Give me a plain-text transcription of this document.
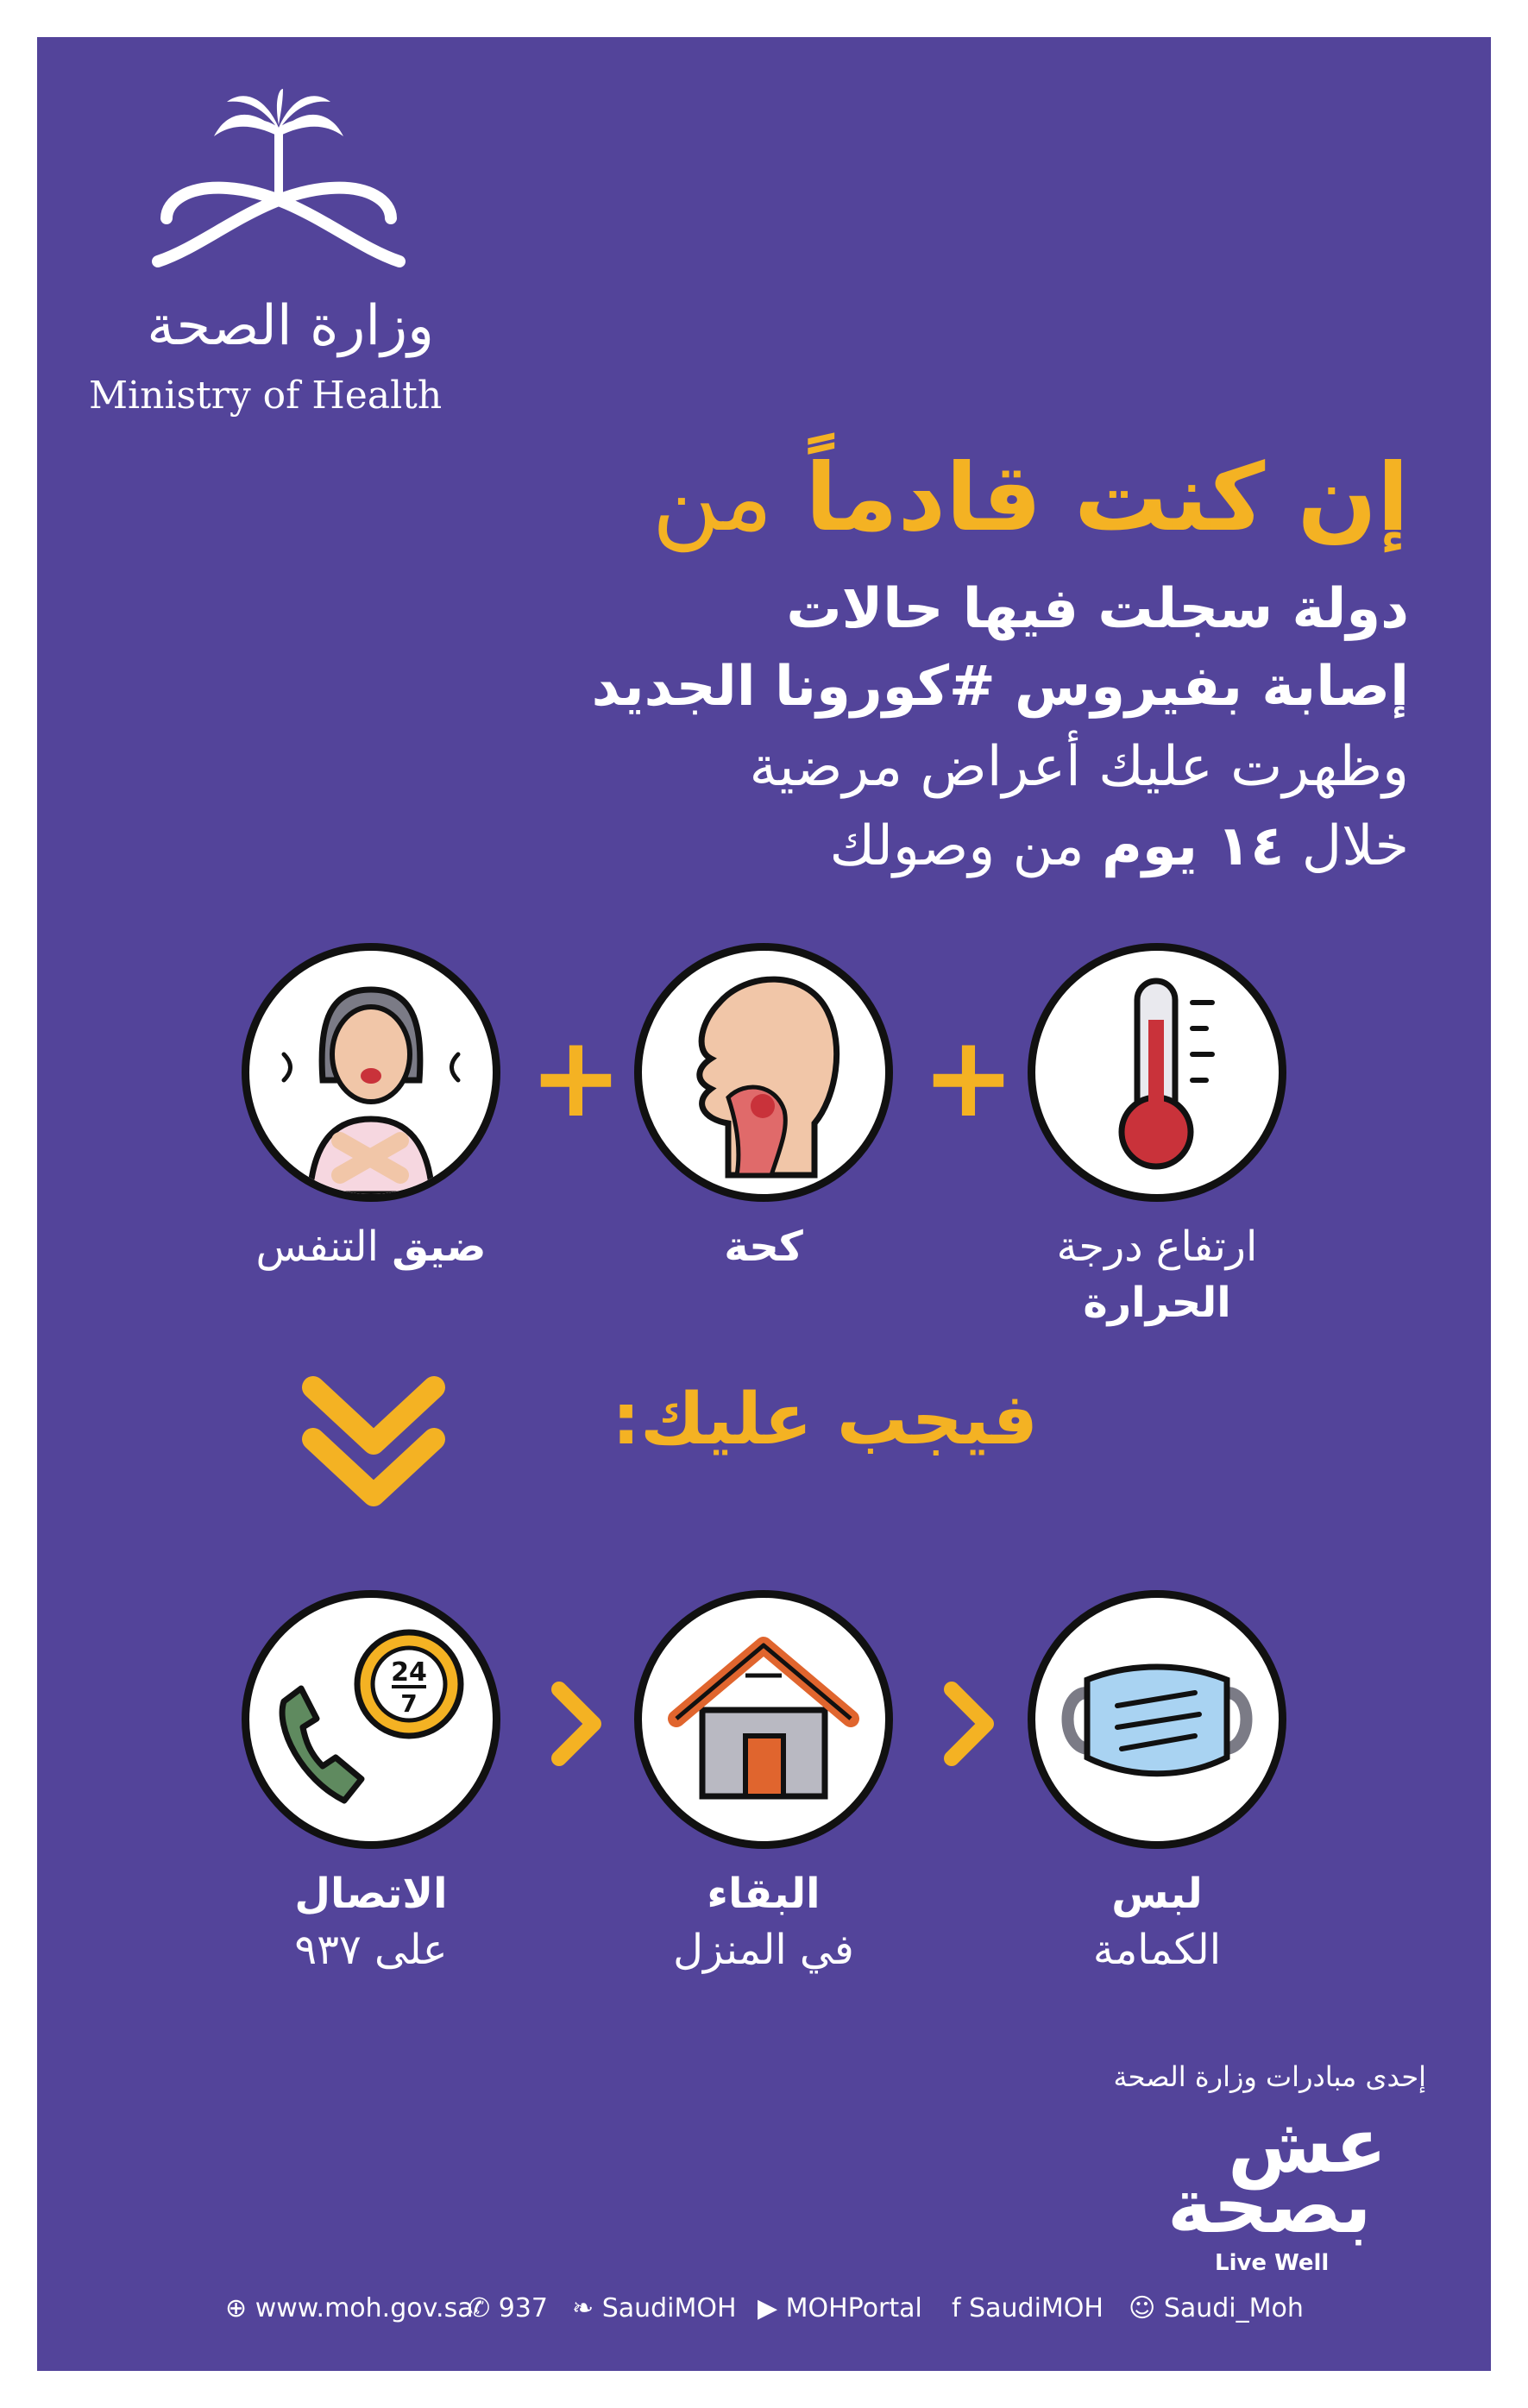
وزارة الصحة
Ministry of Health
إن كنت قادماً من
دولة سجلت فيها حالات
إصابة بفيروس #كورونا الجديد
وظهرت عليك أعراض مرضية
خلال ١٤ يوم من وصولك
+
+
ارتفاع درجة
الحرارة
كحة
ضيق التنفس
فيجب عليك:
24
7
لبس
الكمامة
البقاء
في المنزل
الاتصال
على ٩٣٧
إحدى مبادرات وزارة الصحة
عش
بصحة
Live Well
⊕ www.moh.gov.sa
✆ 937 ❧ SaudiMOH ▶ MOHPortal f SaudiMOH ☺ Saudi_Moh
